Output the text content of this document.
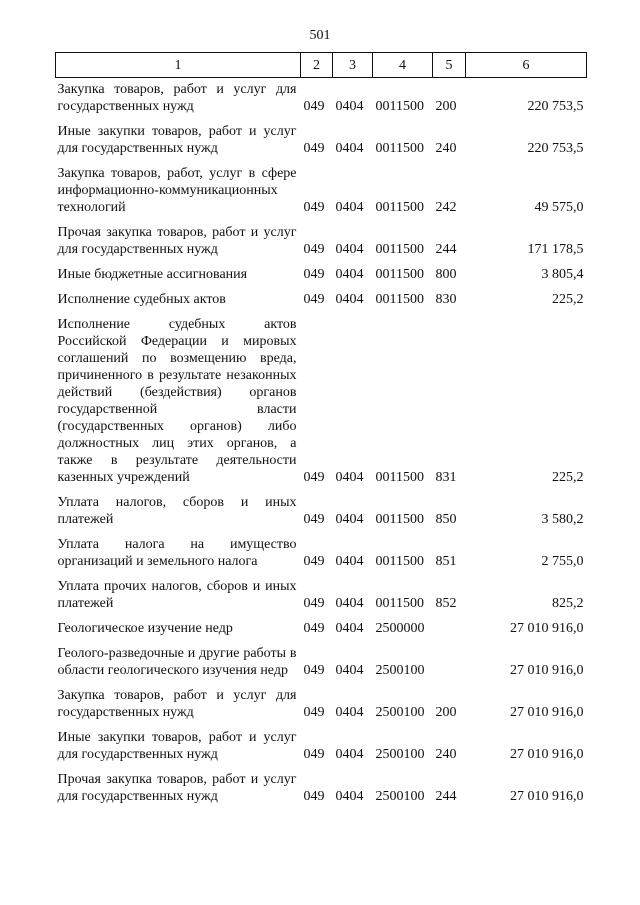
501
1	2	3	4	5	6
Закупка товаров, работ и услуг для государственных нужд	049	0404	0011500	200	220 753,5
Иные закупки товаров, работ и услуг для государственных нужд	049	0404	0011500	240	220 753,5
Закупка товаров, работ, услуг в сфере информационно-коммуникационных технологий	049	0404	0011500	242	49 575,0
Прочая закупка товаров, работ и услуг для государственных нужд	049	0404	0011500	244	171 178,5
Иные бюджетные ассигнования	049	0404	0011500	800	3 805,4
Исполнение судебных актов	049	0404	0011500	830	225,2
Исполнение судебных актов Российской Федерации и мировых соглашений по возмещению вреда, причиненного в результате незаконных действий (бездействия) органов государственной власти (государственных органов) либо должностных лиц этих органов, а также в результате деятельности казенных учреждений	049	0404	0011500	831	225,2
Уплата налогов, сборов и иных платежей	049	0404	0011500	850	3 580,2
Уплата налога на имущество организаций и земельного налога	049	0404	0011500	851	2 755,0
Уплата прочих налогов, сборов и иных платежей	049	0404	0011500	852	825,2
Геологическое изучение недр	049	0404	2500000		27 010 916,0
Геолого-разведочные и другие работы в области геологического изучения недр	049	0404	2500100		27 010 916,0
Закупка товаров, работ и услуг для государственных нужд	049	0404	2500100	200	27 010 916,0
Иные закупки товаров, работ и услуг для государственных нужд	049	0404	2500100	240	27 010 916,0
Прочая закупка товаров, работ и услуг для государственных нужд	049	0404	2500100	244	27 010 916,0
